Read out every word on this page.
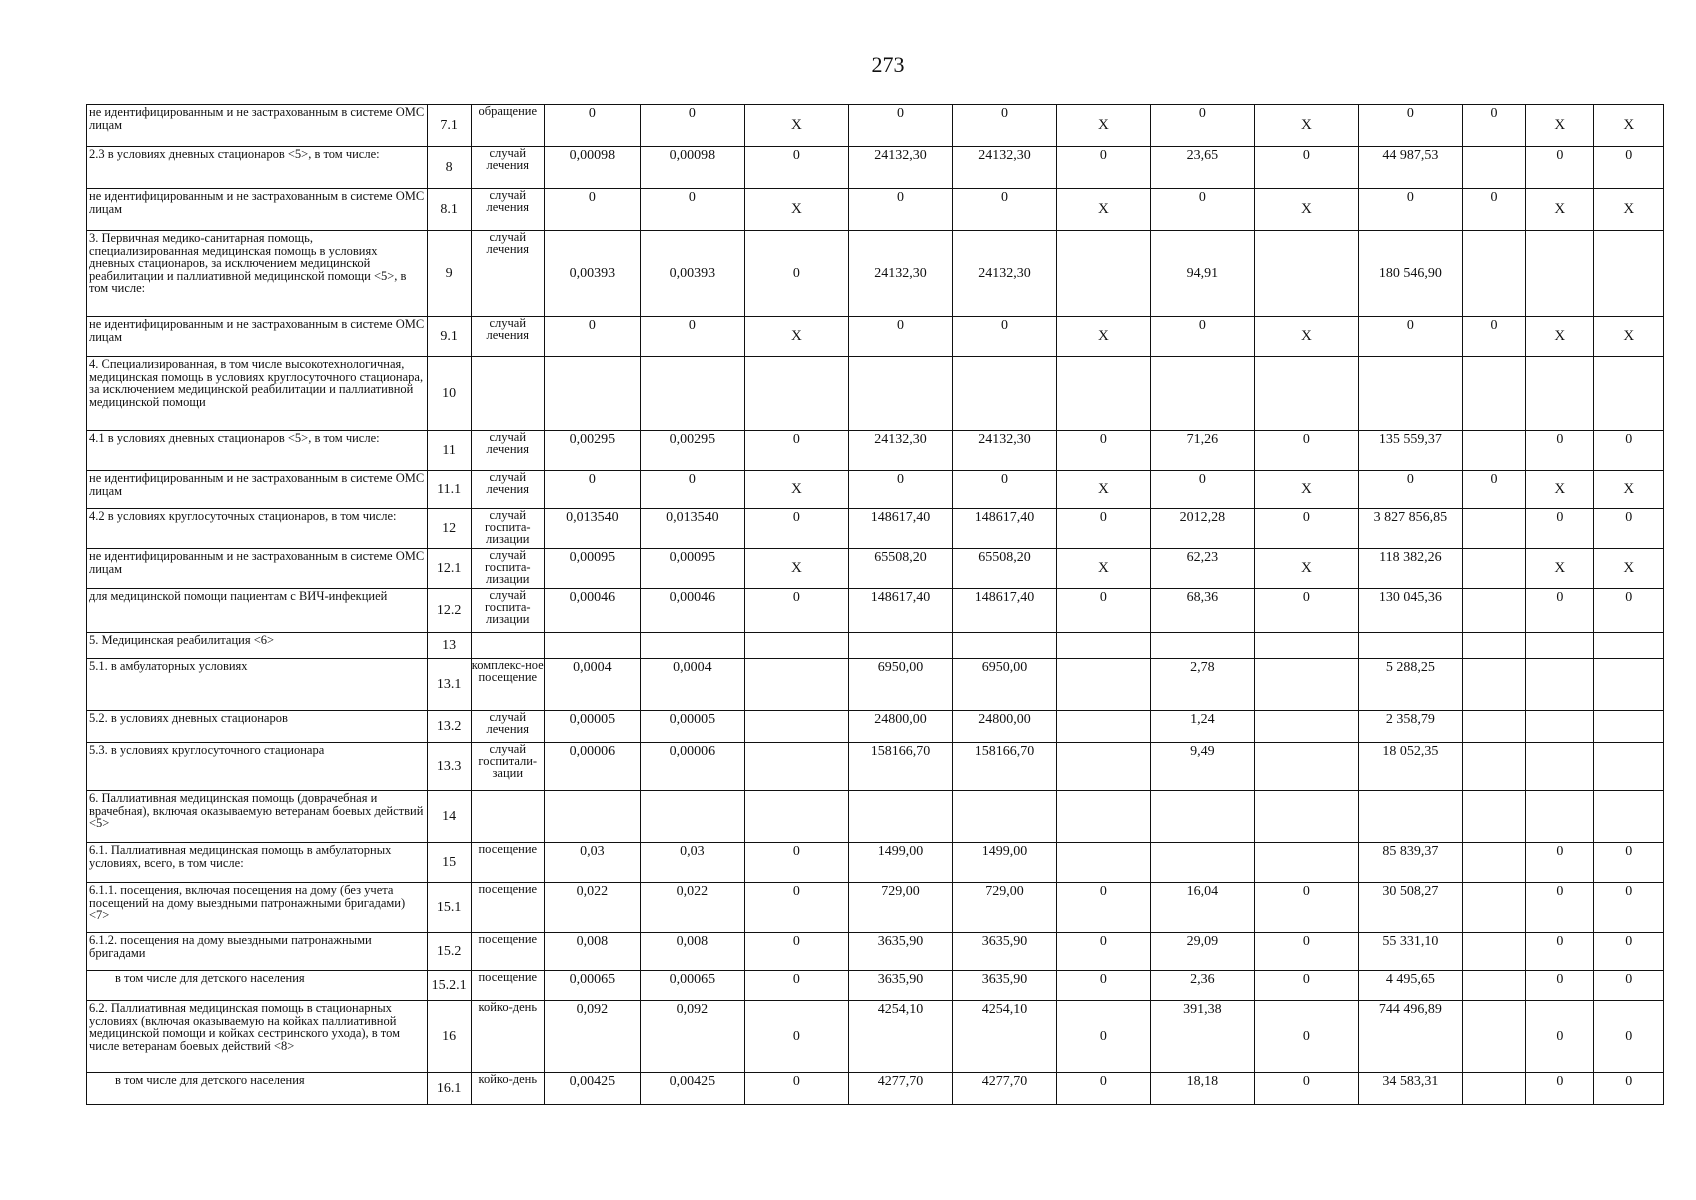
273
не идентифицированным и не застрахованным в системе ОМС лицам	7.1	обращение	0	0	X	0	0	X	0	X	0	0	X	X
2.3 в условиях дневных стационаров <5>, в том числе:	8	случай лечения	0,00098	0,00098	0	24132,30	24132,30	0	23,65	0	44 987,53		0	0
не идентифицированным и не застрахованным в системе ОМС лицам	8.1	случай лечения	0	0	X	0	0	X	0	X	0	0	X	X
3. Первичная медико-санитарная помощь, специализированная медицинская помощь в условиях дневных стационаров, за исключением медицинской реабилитации и паллиативной медицинской помощи <5>, в том числе:	9	случай лечения	0,00393	0,00393	0	24132,30	24132,30		94,91		180 546,90			
не идентифицированным и не застрахованным в системе ОМС лицам	9.1	случай лечения	0	0	X	0	0	X	0	X	0	0	X	X
4. Специализированная, в том числе высокотехнологичная, медицинская помощь в условиях круглосуточного стационара, за исключением медицинской реабилитации и паллиативной медицинской помощи	10													
4.1 в условиях дневных стационаров <5>, в том числе:	11	случай лечения	0,00295	0,00295	0	24132,30	24132,30	0	71,26	0	135 559,37		0	0
не идентифицированным и не застрахованным в системе ОМС лицам	11.1	случай лечения	0	0	X	0	0	X	0	X	0	0	X	X
4.2 в условиях круглосуточных стационаров, в том числе:	12	случай госпита-лизации	0,013540	0,013540	0	148617,40	148617,40	0	2012,28	0	3 827 856,85		0	0
не идентифицированным и не застрахованным в системе ОМС лицам	12.1	случай госпита-лизации	0,00095	0,00095	X	65508,20	65508,20	X	62,23	X	118 382,26		X	X
для медицинской помощи пациентам с ВИЧ-инфекцией	12.2	случай госпита-лизации	0,00046	0,00046	0	148617,40	148617,40	0	68,36	0	130 045,36		0	0
5. Медицинская реабилитация <6>	13													
5.1. в амбулаторных условиях	13.1	комплекс-ное посещение	0,0004	0,0004		6950,00	6950,00		2,78		5 288,25			
5.2. в условиях дневных стационаров	13.2	случай лечения	0,00005	0,00005		24800,00	24800,00		1,24		2 358,79			
5.3. в условиях круглосуточного стационара	13.3	случай госпитали-зации	0,00006	0,00006		158166,70	158166,70		9,49		18 052,35			
6. Паллиативная медицинская помощь (доврачебная и врачебная), включая оказываемую ветеранам боевых действий <5>	14													
6.1. Паллиативная медицинская помощь в амбулаторных условиях, всего, в том числе:	15	посещение	0,03	0,03	0	1499,00	1499,00				85 839,37		0	0
6.1.1. посещения, включая посещения на дому (без учета посещений на дому выездными патронажными бригадами) <7>	15.1	посещение	0,022	0,022	0	729,00	729,00	0	16,04	0	30 508,27		0	0
6.1.2. посещения на дому выездными патронажными бригадами	15.2	посещение	0,008	0,008	0	3635,90	3635,90	0	29,09	0	55 331,10		0	0
в том числе для детского населения	15.2.1	посещение	0,00065	0,00065	0	3635,90	3635,90	0	2,36	0	4 495,65		0	0
6.2. Паллиативная медицинская помощь в стационарных условиях (включая оказываемую на койках паллиативной медицинской помощи и койках сестринского ухода), в том числе ветеранам боевых действий <8>	16	койко-день	0,092	0,092	0	4254,10	4254,10	0	391,38	0	744 496,89		0	0
в том числе для детского населения	16.1	койко-день	0,00425	0,00425	0	4277,70	4277,70	0	18,18	0	34 583,31		0	0
